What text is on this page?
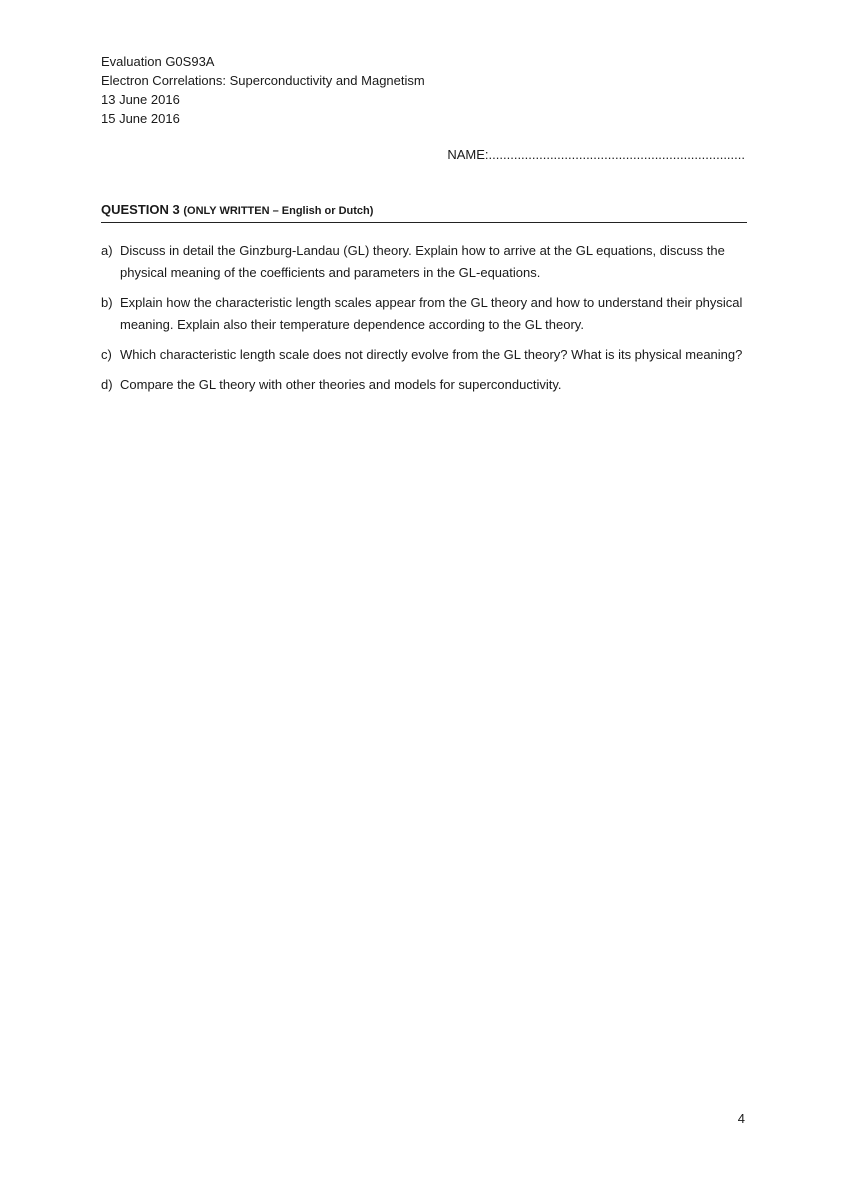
Evaluation G0S93A
Electron Correlations: Superconductivity and Magnetism
13 June 2016
15 June 2016
NAME:.......................................................................
QUESTION 3 (ONLY WRITTEN – English or Dutch)
a) Discuss in detail the Ginzburg-Landau (GL) theory. Explain how to arrive at the GL equations, discuss the physical meaning of the coefficients and parameters in the GL-equations.
b) Explain how the characteristic length scales appear from the GL theory and how to understand their physical meaning. Explain also their temperature dependence according to the GL theory.
c) Which characteristic length scale does not directly evolve from the GL theory? What is its physical meaning?
d) Compare the GL theory with other theories and models for superconductivity.
4
